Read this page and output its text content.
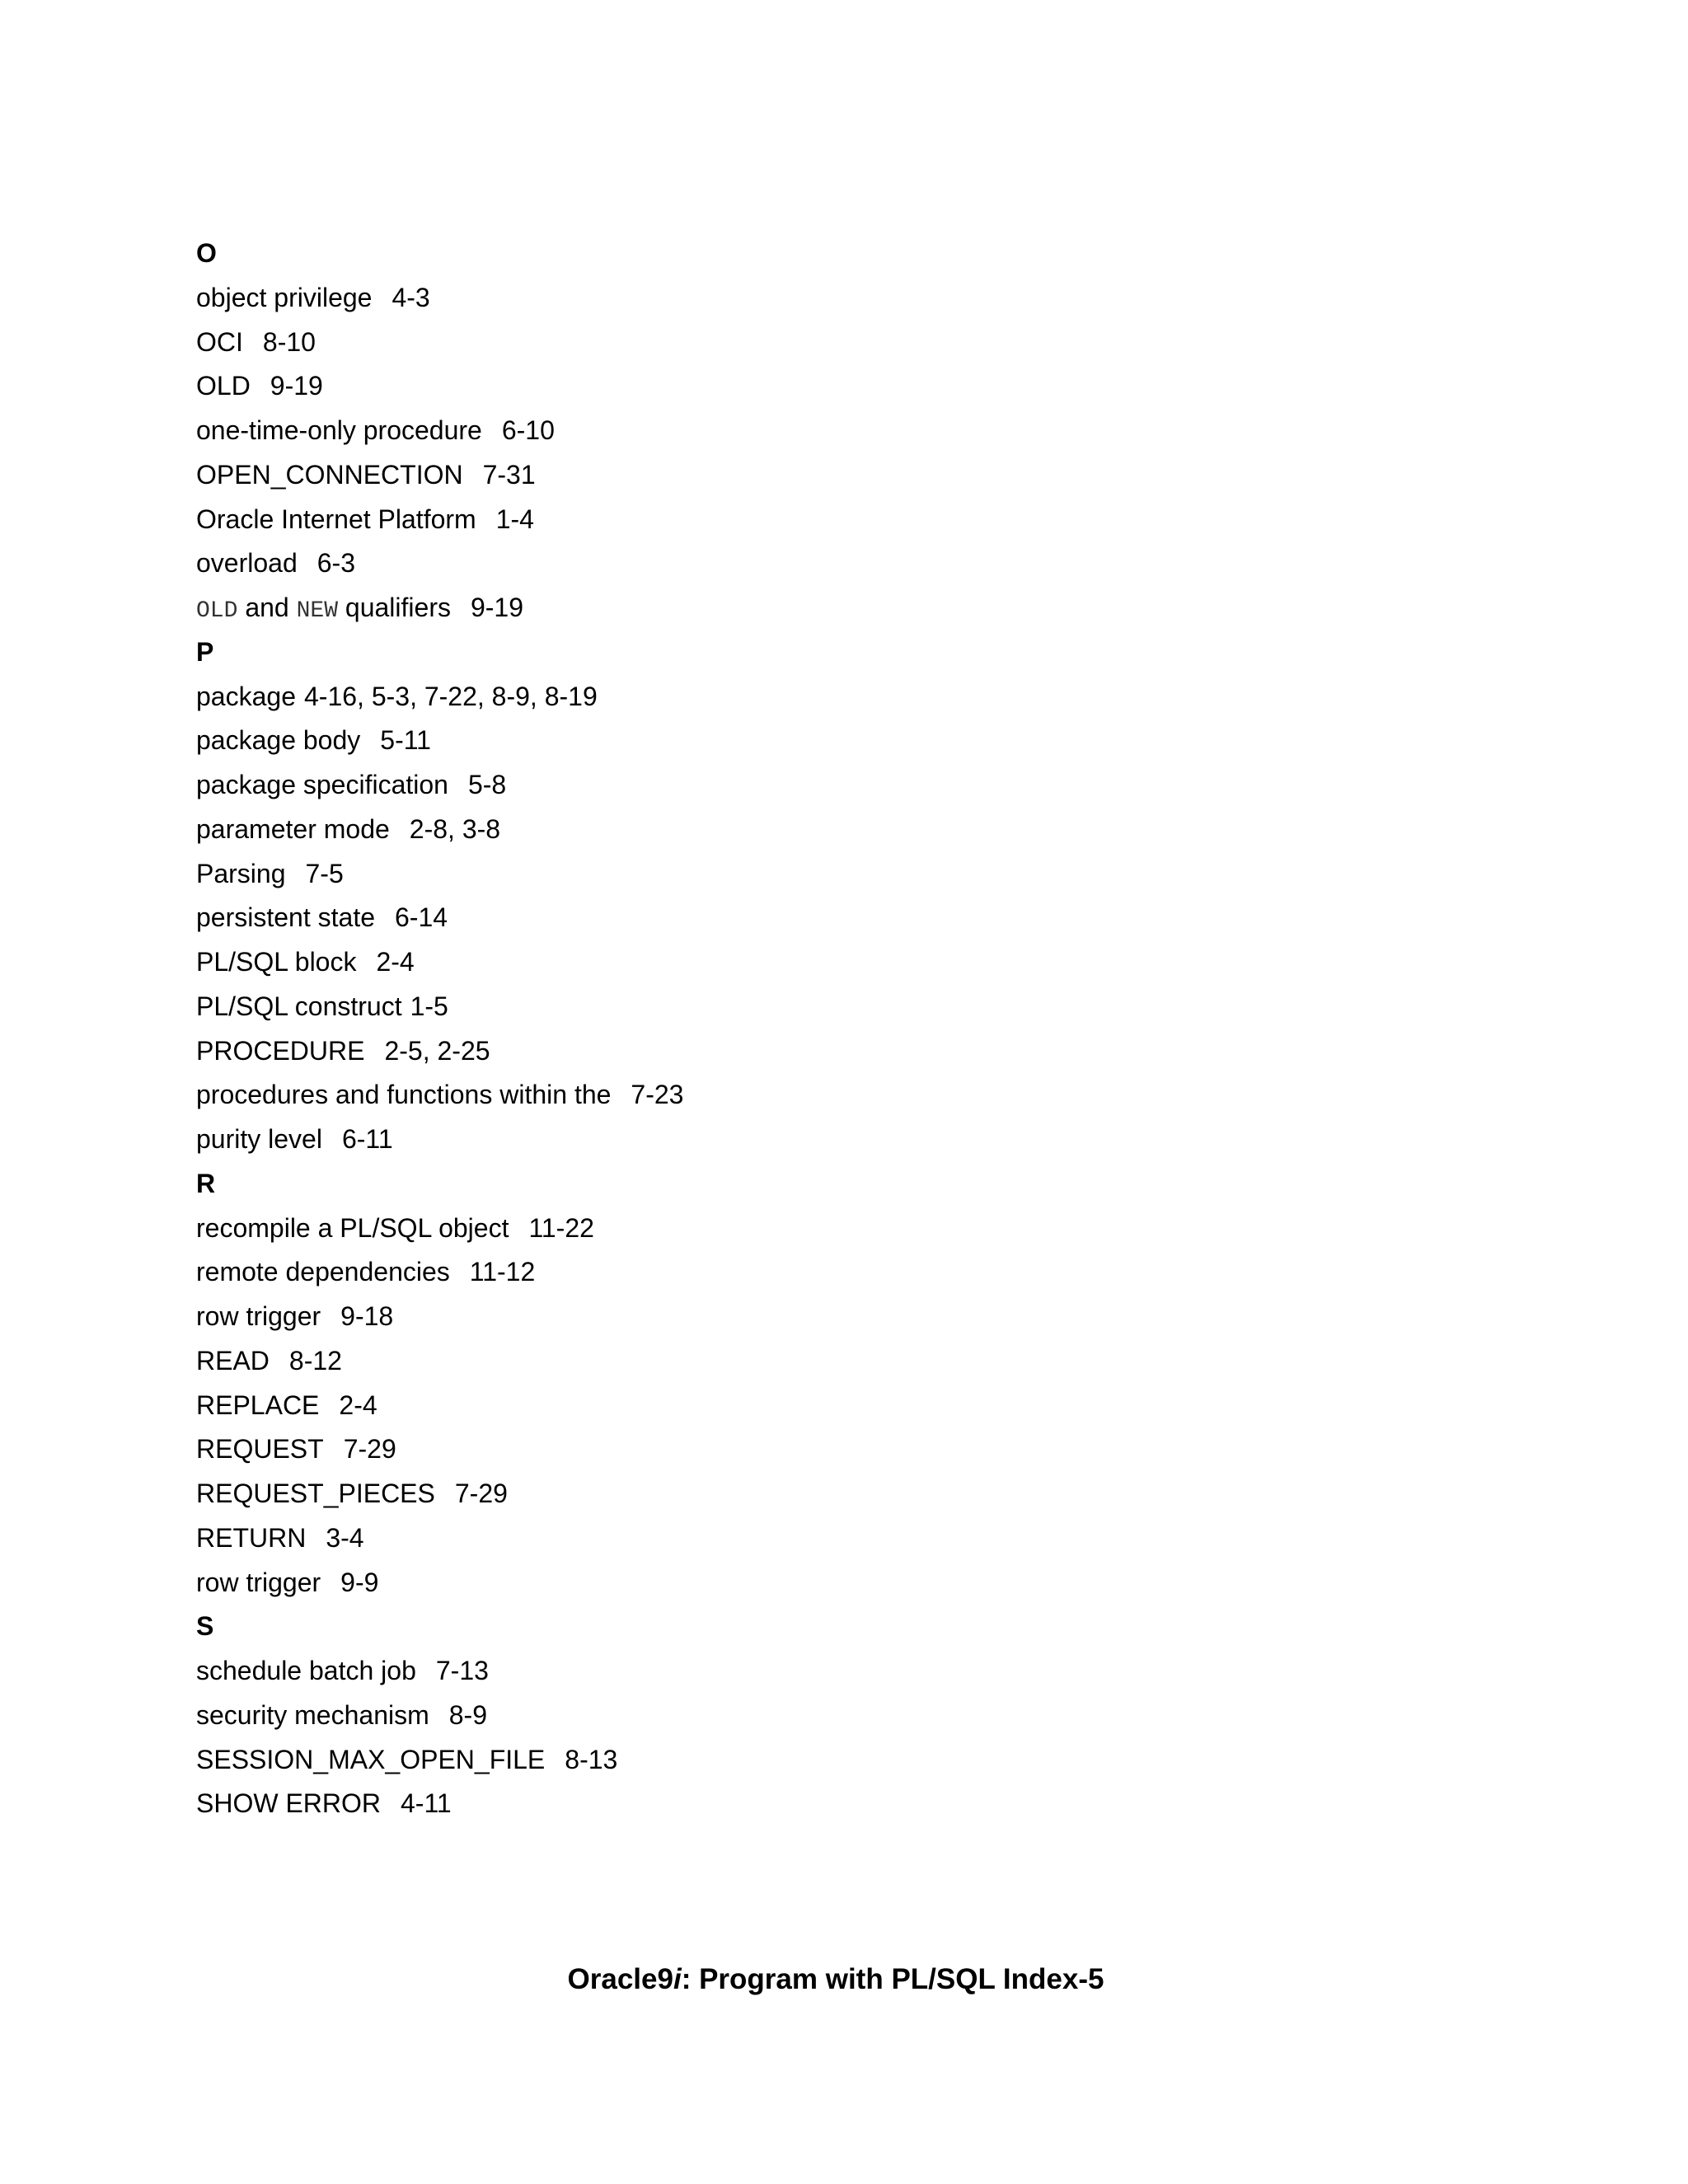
O
object privilege 4-3
OCI 8-10
OLD 9-19
one-time-only procedure 6-10
OPEN_CONNECTION 7-31
Oracle Internet Platform 1-4
overload 6-3
OLD and NEW qualifiers 9-19
P
package 4-16, 5-3, 7-22, 8-9, 8-19
package body 5-11
package specification 5-8
parameter mode 2-8, 3-8
Parsing 7-5
persistent state 6-14
PL/SQL block 2-4
PL/SQL construct 1-5
PROCEDURE 2-5, 2-25
procedures and functions within the 7-23
purity level 6-11
R
recompile a PL/SQL object 11-22
remote dependencies 11-12
row trigger 9-18
READ 8-12
REPLACE 2-4
REQUEST 7-29
REQUEST_PIECES 7-29
RETURN 3-4
row trigger 9-9
S
schedule batch job 7-13
security mechanism 8-9
SESSION_MAX_OPEN_FILE 8-13
SHOW ERROR 4-11
Oracle9i: Program with PL/SQL Index-5
